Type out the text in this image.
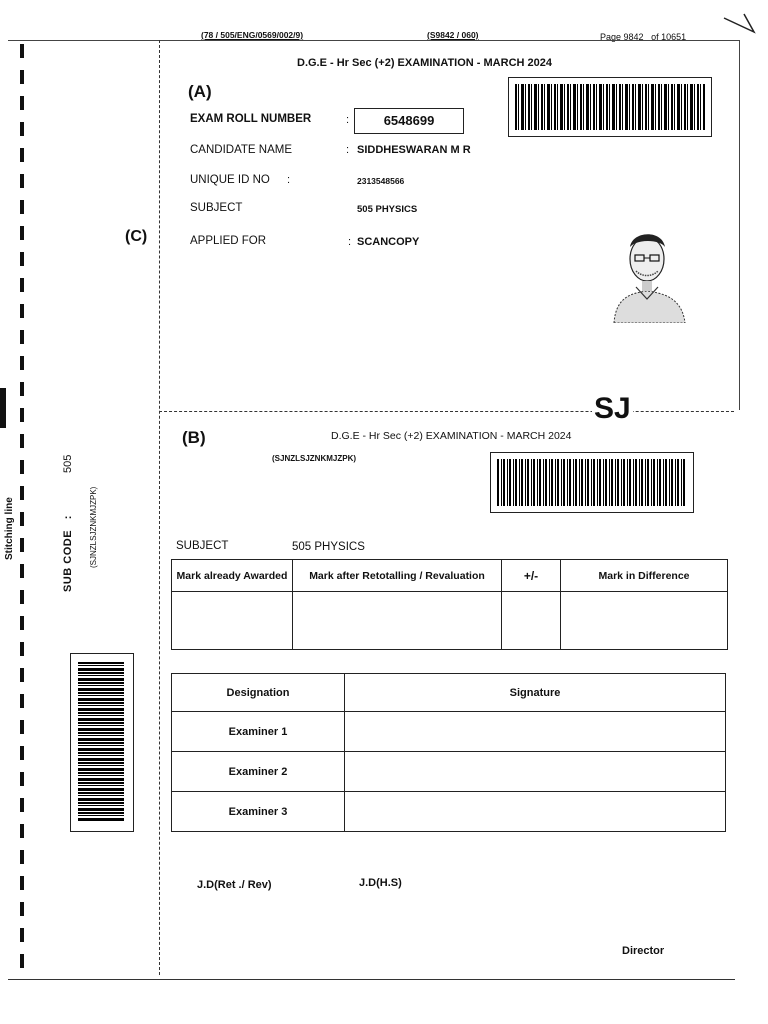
(78 / 505/ENG/0569/002/9)	(S9842 / 060)	Page 9842 of 10651
Stitching line
SUB CODE   :
505
(SJNZLSJZNKMJZPK)
(C)
D.G.E - Hr Sec (+2) EXAMINATION - MARCH 2024
(A)
EXAM ROLL NUMBER	:	6548699
CANDIDATE NAME	: SIDDHESWARAN M R
UNIQUE ID NO :	2313548566
SUBJECT	505 PHYSICS
APPLIED FOR	: SCANCOPY
SJ
(B)	D.G.E - Hr Sec (+2) EXAMINATION - MARCH 2024
(SJNZLSJZNKMJZPK)
SUBJECT	505 PHYSICS
Mark already Awarded	Mark after Retotalling / Revaluation	+/-	Mark in Difference

Designation	Signature
Examiner 1	
Examiner 2	
Examiner 3	
J.D(Ret ./ Rev)	J.D(H.S)
Director
